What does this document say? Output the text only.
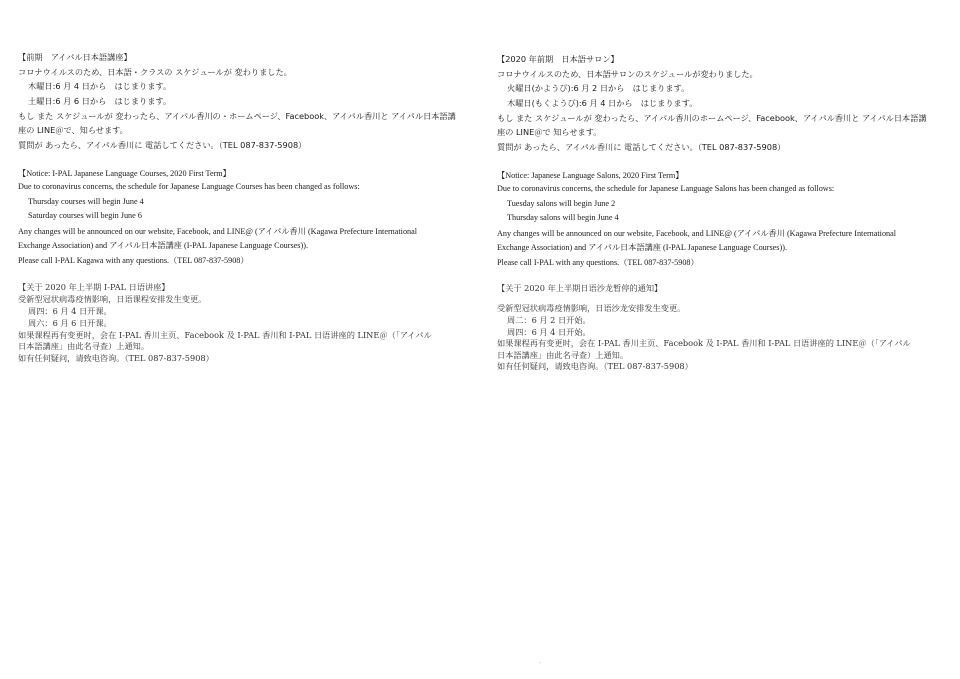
【前期　アイパル日本語講座】
コロナウイルスのため、日本語・クラスの スケジュールが 変わりました。
木曜日:6 月 4 日から　はじまります。
土曜日:6 月 6 日から　はじまります。
もし また スケジュールが 変わったら、アイパル香川の・ホームページ、Facebook、アイパル香川と アイパル日本語講
座の LINE＠で、知らせます。
質問が あったら、アイパル香川に 電話してください。（TEL 087-837-5908）
【Notice: I-PAL Japanese Language Courses, 2020 First Term】
Due to coronavirus concerns, the schedule for Japanese Language Courses has been changed as follows:
Thursday courses will begin June 4
Saturday courses will begin June 6
Any changes will be announced on our website, Facebook, and LINE@ (アイパル香川 (Kagawa Prefecture International
Exchange Association) and アイパル日本語講座 (I-PAL Japanese Language Courses)).
Please call I-PAL Kagawa with any questions.（TEL 087-837-5908）
【关于 2020 年上半期 I-PAL 日语讲座】
受新型冠状病毒疫情影响，日语课程安排发生变更。
周四：6 月 4 日开课。
周六：6 月 6 日开课。
如果课程再有变更时，会在 I-PAL 香川主页、Facebook 及 I-PAL 香川和 I-PAL 日语讲座的 LINE＠（「アイパル
日本語講座」由此名寻查）上通知。
如有任何疑问，请致电咨询。（TEL 087-837-5908）
【2020 年前期　日本語サロン】
コロナウイルスのため、日本語サロンのスケジュールが変わりました。
火曜日(かようび):6 月 2 日から　はじまります。
木曜日(もくようび):6 月 4 日から　はじまります。
もし また スケジュールが 変わったら、アイパル香川のホームページ、Facebook、アイパル香川と アイパル日本語講
座の LINE＠で 知らせます。
質問が あったら、アイパル香川に 電話してください。（TEL 087-837-5908）
【Notice: Japanese Language Salons, 2020 First Term】
Due to coronavirus concerns, the schedule for Japanese Language Salons has been changed as follows:
Tuesday salons will begin June 2
Thursday salons will begin June 4
Any changes will be announced on our website, Facebook, and LINE@ (アイパル香川 (Kagawa Prefecture International
Exchange Association) and アイパル日本語講座 (I-PAL Japanese Language Courses)).
Please call I-PAL with any questions.（TEL 087-837-5908）
【关于 2020 年上半期日语沙龙暂停的通知】
受新型冠状病毒疫情影响，日语沙龙安排发生变更。
周二：6 月 2 日开始。
周四：6 月 4 日开始。
如果课程再有变更时，会在 I-PAL 香川主页、Facebook 及 I-PAL 香川和 I-PAL 日语讲座的 LINE＠（「アイパル
日本語講座」由此名寻查）上通知。
如有任何疑问，请致电咨询。（TEL 087-837-5908）
·
